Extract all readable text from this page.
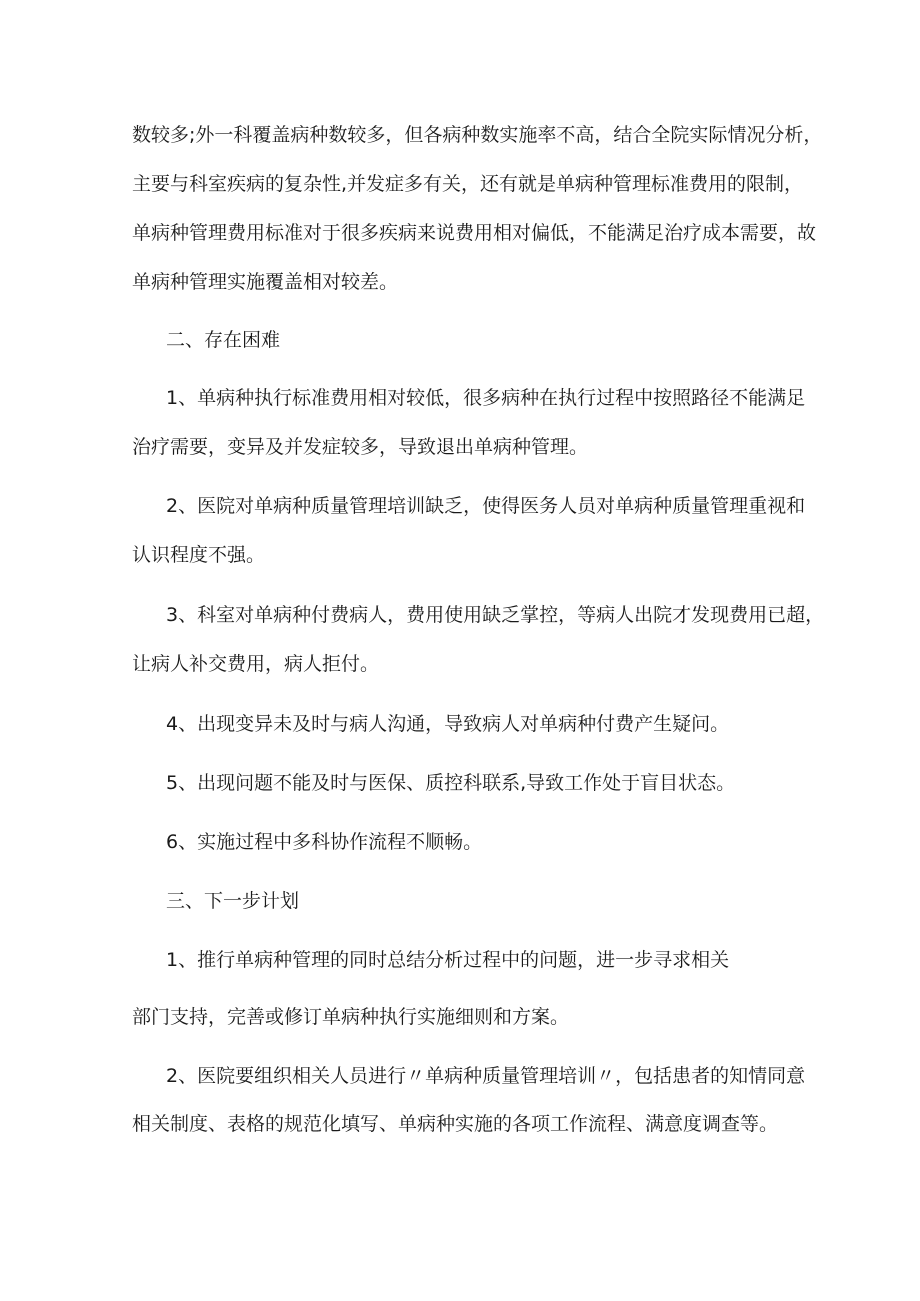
数较多;外一科覆盖病种数较多，但各病种数实施率不高，结合全院实际情况分析，
主要与科室疾病的复杂性,并发症多有关，还有就是单病种管理标准费用的限制，
单病种管理费用标准对于很多疾病来说费用相对偏低，不能满足治疗成本需要，故
单病种管理实施覆盖相对较差。
二、存在困难
1、单病种执行标准费用相对较低，很多病种在执行过程中按照路径不能满足
治疗需要，变异及并发症较多，导致退出单病种管理。
2、医院对单病种质量管理培训缺乏，使得医务人员对单病种质量管理重视和
认识程度不强。
3、科室对单病种付费病人，费用使用缺乏掌控，等病人出院才发现费用已超，
让病人补交费用，病人拒付。
4、出现变异未及时与病人沟通，导致病人对单病种付费产生疑问。
5、出现问题不能及时与医保、质控科联系,导致工作处于盲目状态。
6、实施过程中多科协作流程不顺畅。
三、下一步计划
1、推行单病种管理的同时总结分析过程中的问题，进一步寻求相关
部门支持，完善或修订单病种执行实施细则和方案。
2、医院要组织相关人员进行〃单病种质量管理培训〃，包括患者的知情同意
相关制度、表格的规范化填写、单病种实施的各项工作流程、满意度调查等。
